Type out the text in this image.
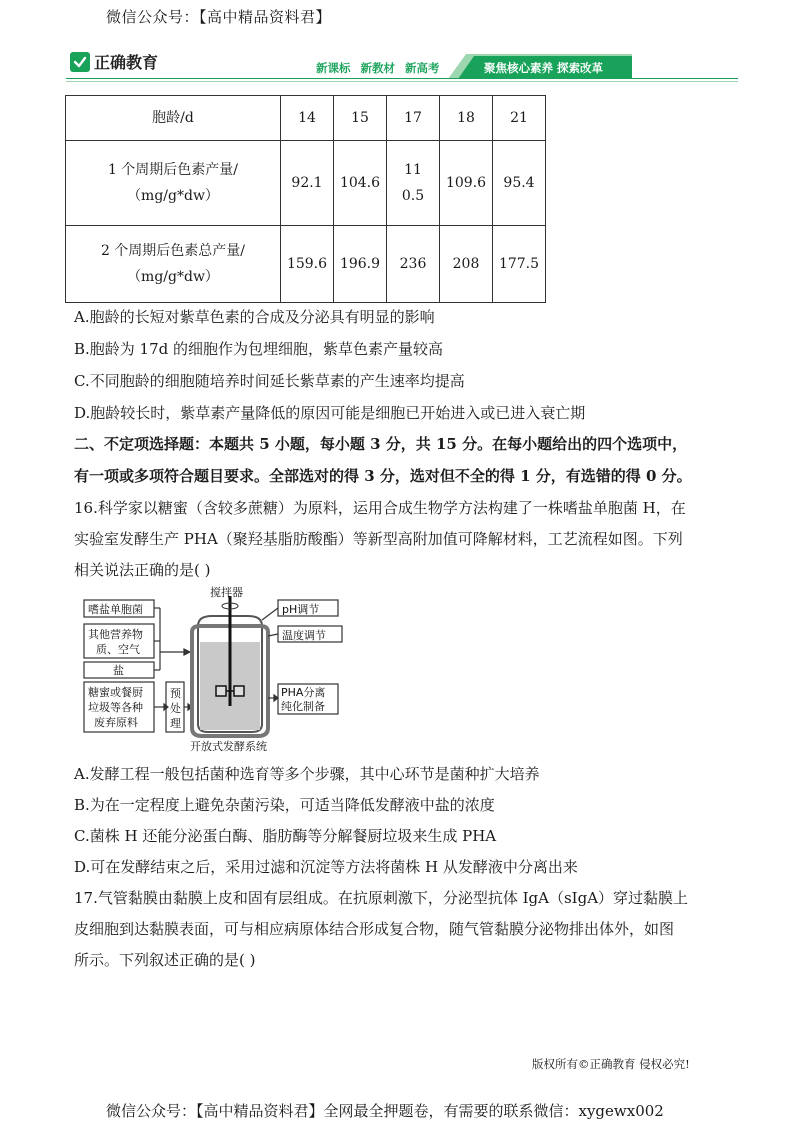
微信公众号：【高中精品资料君】
正确教育	新课标 新教材 新高考	聚焦核心素养 探索改革
胞龄/d	14	15	17	18	21

1 个周期后色素产量/
（mg/g*dw）	92.1	104.6	110.5	109.6	95.4

2 个周期后色素总产量/
（mg/g*dw）	159.6	196.9	236	208	177.5
A.胞龄的长短对紫草色素的合成及分泌具有明显的影响
B.胞龄为 17d 的细胞作为包埋细胞，紫草色素产量较高
C.不同胞龄的细胞随培养时间延长紫草素的产生速率均提高
D.胞龄较长时，紫草素产量降低的原因可能是细胞已开始进入或已进入衰亡期
二、不定项选择题：本题共 5 小题，每小题 3 分，共 15 分。在每小题给出的四个选项中，
有一项或多项符合题目要求。全部选对的得 3 分，选对但不全的得 1 分，有选错的得 0 分。
16.科学家以糖蜜（含较多蔗糖）为原料，运用合成生物学方法构建了一株嗜盐单胞菌 H，在
实验室发酵生产 PHA（聚羟基脂肪酸酯）等新型高附加值可降解材料，工艺流程如图。下列
相关说法正确的是( )
嗜盐单胞菌
其他营养物
质、空气
盐
糖蜜或餐厨
垃圾等各种
废弃原料
预
处
理
搅拌器
pH调节
温度调节
PHA分离
纯化制备
开放式发酵系统
A.发酵工程一般包括菌种选育等多个步骤，其中心环节是菌种扩大培养
B.为在一定程度上避免杂菌污染，可适当降低发酵液中盐的浓度
C.菌株 H 还能分泌蛋白酶、脂肪酶等分解餐厨垃圾来生成 PHA
D.可在发酵结束之后，采用过滤和沉淀等方法将菌株 H 从发酵液中分离出来
17.气管黏膜由黏膜上皮和固有层组成。在抗原刺激下，分泌型抗体 IgA（sIgA）穿过黏膜上
皮细胞到达黏膜表面，可与相应病原体结合形成复合物，随气管黏膜分泌物排出体外，如图
所示。下列叙述正确的是( )
版权所有©正确教育 侵权必究!
微信公众号：【高中精品资料君】全网最全押题卷，有需要的联系微信：xygewx002
